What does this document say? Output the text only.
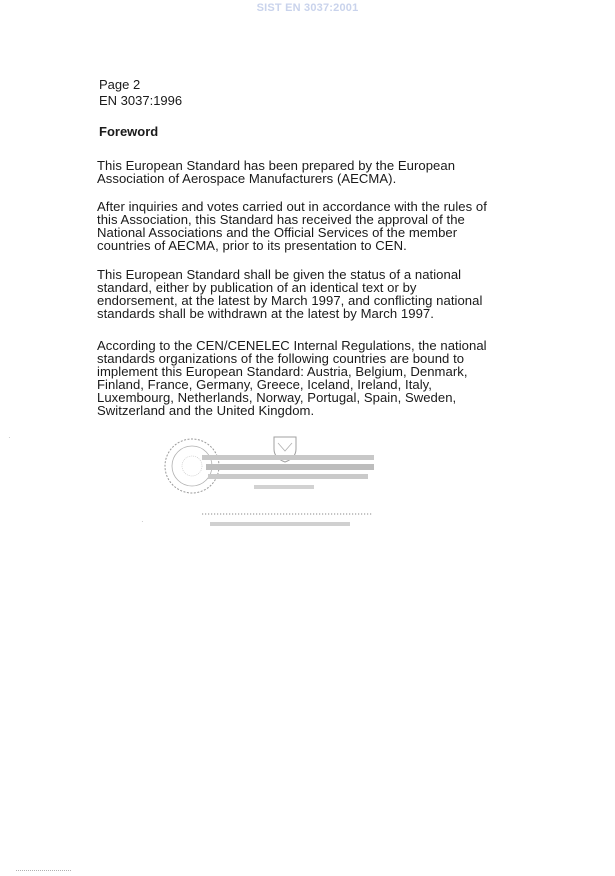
SIST EN 3037:2001
Page 2
EN 3037:1996
Foreword
This European Standard has been prepared by the European
Association of Aerospace Manufacturers (AECMA).
After inquiries and votes carried out in accordance with the rules of
this Association, this Standard has received the approval of the
National Associations and the Official Services of the member
countries of AECMA, prior to its presentation to CEN.
This European Standard shall be given the status of a national
standard, either by publication of an identical text or by
endorsement, at the latest by March 1997, and conflicting national
standards shall be withdrawn at the latest by March 1997.
According to the CEN/CENELEC Internal Regulations, the national
standards organizations of the following countries are bound to
implement this European Standard: Austria, Belgium, Denmark,
Finland, France, Germany, Greece, Iceland, Ireland, Italy,
Luxembourg, Netherlands, Norway, Portugal, Spain, Sweden,
Switzerland and the United Kingdom.
·
·
